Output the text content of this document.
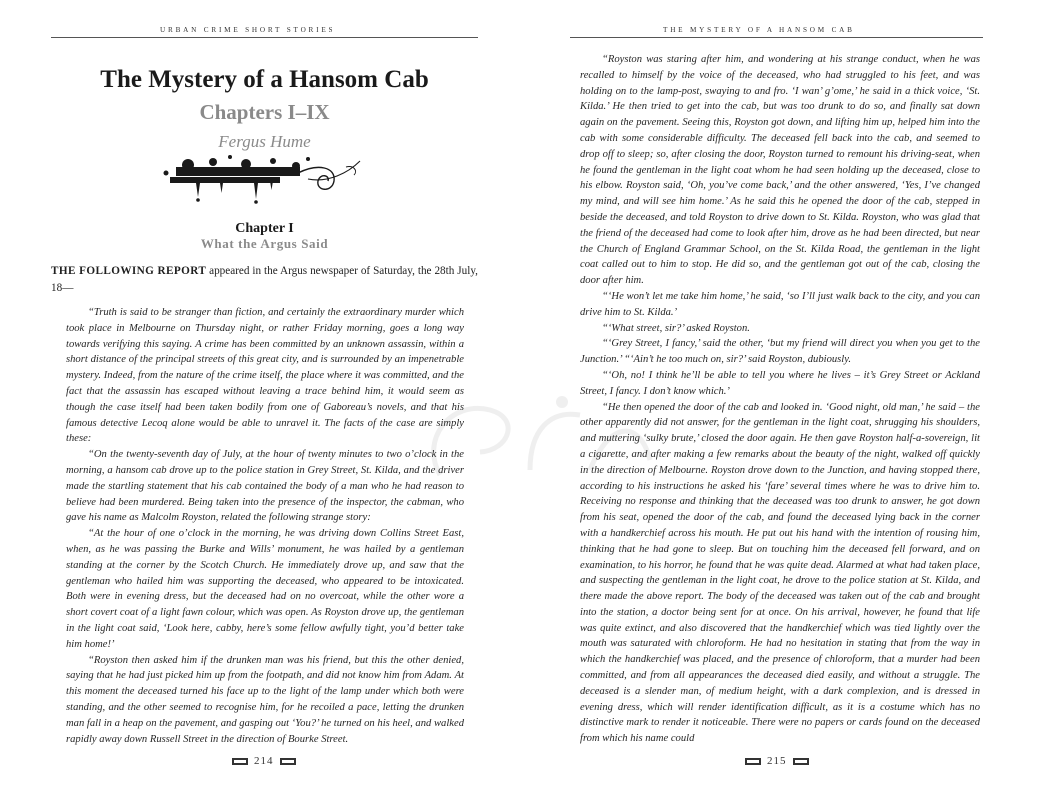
URBAN CRIME SHORT STORIES
The Mystery of a Hansom Cab
Chapters I–IX
Fergus Hume
Chapter I
What the Argus Said

THE FOLLOWING REPORT appeared in the Argus newspaper of Saturday, the 28th July, 18—

“Truth is said to be stranger than fiction, and certainly the extraordinary murder which took place in Melbourne on Thursday night, or rather Friday morning, goes a long way towards verifying this saying. A crime has been committed by an unknown assassin, within a short distance of the principal streets of this great city, and is surrounded by an impenetrable mystery. Indeed, from the nature of the crime itself, the place where it was committed, and the fact that the assassin has escaped without leaving a trace behind him, it would seem as though the case itself had been taken bodily from one of Gaboreau’s novels, and that his famous detective Lecoq alone would be able to unravel it. The facts of the case are simply these:

“On the twenty-seventh day of July, at the hour of twenty minutes to two o’clock in the morning, a hansom cab drove up to the police station in Grey Street, St. Kilda, and the driver made the startling statement that his cab contained the body of a man who he had reason to believe had been murdered. Being taken into the presence of the inspector, the cabman, who gave his name as Malcolm Royston, related the following strange story:

“At the hour of one o’clock in the morning, he was driving down Collins Street East, when, as he was passing the Burke and Wills’ monument, he was hailed by a gentleman standing at the corner by the Scotch Church. He immediately drove up, and saw that the gentleman who hailed him was supporting the deceased, who appeared to be intoxicated. Both were in evening dress, but the deceased had on no overcoat, while the other wore a short covert coat of a light fawn colour, which was open. As Royston drove up, the gentleman in the light coat said, ‘Look here, cabby, here’s some fellow awfully tight, you’d better take him home!’

“Royston then asked him if the drunken man was his friend, but this the other denied, saying that he had just picked him up from the footpath, and did not know him from Adam. At this moment the deceased turned his face up to the light of the lamp under which both were standing, and the other seemed to recognise him, for he recoiled a pace, letting the drunken man fall in a heap on the pavement, and gasping out ‘You?’ he turned on his heel, and walked rapidly away down Russell Street in the direction of Bourke Street.

214
THE MYSTERY OF A HANSOM CAB

“Royston was staring after him, and wondering at his strange conduct, when he was recalled to himself by the voice of the deceased, who had struggled to his feet, and was holding on to the lamp-post, swaying to and fro. ‘I wan’ g’ome,’ he said in a thick voice, ‘St. Kilda.’ He then tried to get into the cab, but was too drunk to do so, and finally sat down again on the pavement. Seeing this, Royston got down, and lifting him up, helped him into the cab with some considerable difficulty. The deceased fell back into the cab, and seemed to drop off to sleep; so, after closing the door, Royston turned to remount his driving-seat, when he found the gentleman in the light coat whom he had seen holding up the deceased, close to his elbow. Royston said, ‘Oh, you’ve come back,’ and the other answered, ‘Yes, I’ve changed my mind, and will see him home.’ As he said this he opened the door of the cab, stepped in beside the deceased, and told Royston to drive down to St. Kilda. Royston, who was glad that the friend of the deceased had come to look after him, drove as he had been directed, but near the Church of England Grammar School, on the St. Kilda Road, the gentleman in the light coat called out to him to stop. He did so, and the gentleman got out of the cab, closing the door after him.

“‘He won’t let me take him home,’ he said, ‘so I’ll just walk back to the city, and you can drive him to St. Kilda.’

“‘What street, sir?’ asked Royston.

“‘Grey Street, I fancy,’ said the other, ‘but my friend will direct you when you get to the Junction.’ “‘Ain’t he too much on, sir?’ said Royston, dubiously.

“‘Oh, no! I think he’ll be able to tell you where he lives – it’s Grey Street or Ackland Street, I fancy. I don’t know which.’

“He then opened the door of the cab and looked in. ‘Good night, old man,’ he said – the other apparently did not answer, for the gentleman in the light coat, shrugging his shoulders, and muttering ‘sulky brute,’ closed the door again. He then gave Royston half-a-sovereign, lit a cigarette, and after making a few remarks about the beauty of the night, walked off quickly in the direction of Melbourne. Royston drove down to the Junction, and having stopped there, according to his instructions he asked his ‘fare’ several times where he was to drive him to. Receiving no response and thinking that the deceased was too drunk to answer, he got down from his seat, opened the door of the cab, and found the deceased lying back in the corner with a handkerchief across his mouth. He put out his hand with the intention of rousing him, thinking that he had gone to sleep. But on touching him the deceased fell forward, and on examination, to his horror, he found that he was quite dead. Alarmed at what had taken place, and suspecting the gentleman in the light coat, he drove to the police station at St. Kilda, and there made the above report. The body of the deceased was taken out of the cab and brought into the station, a doctor being sent for at once. On his arrival, however, he found that life was quite extinct, and also discovered that the handkerchief which was tied lightly over the mouth was saturated with chloroform. He had no hesitation in stating that from the way in which the handkerchief was placed, and the presence of chloroform, that a murder had been committed, and from all appearances the deceased died easily, and without a struggle. The deceased is a slender man, of medium height, with a dark complexion, and is dressed in evening dress, which will render identification difficult, as it is a costume which has no distinctive mark to render it noticeable. There were no papers or cards found on the deceased from which his name could

215
